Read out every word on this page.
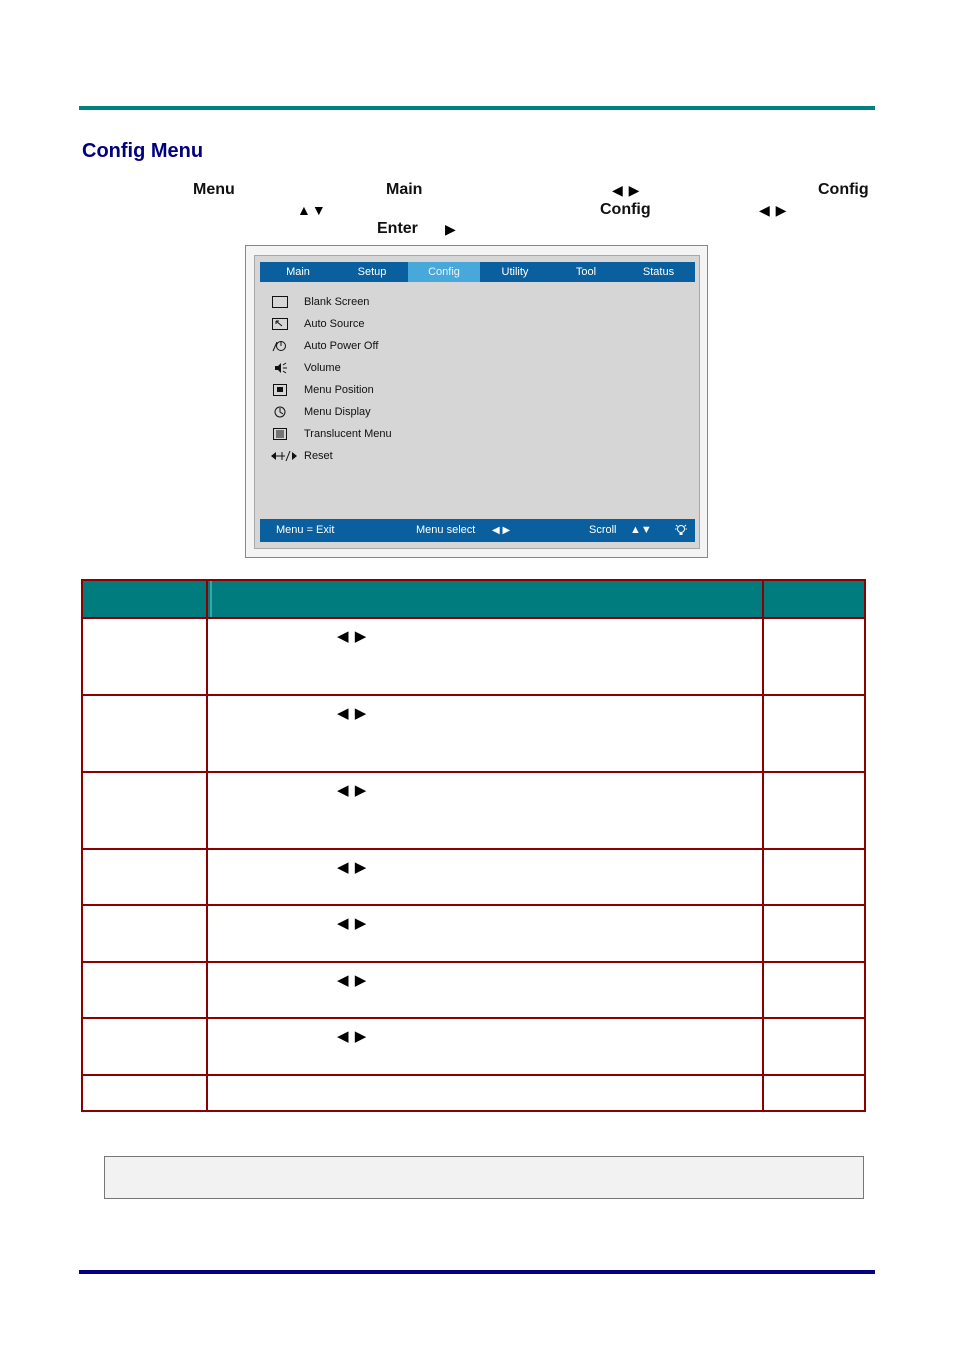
Config Menu
Menu	Main	◀ ▶	Config
▲▼	Config	◀ ▶
Enter ▶
Main	Setup	Config	Utility	Tool	Status
Blank Screen
Auto Source
Auto Power Off
Volume
Menu Position
Menu Display
Translucent Menu
Reset
Menu = Exit	Menu select ◀ ▶	Scroll ▲▼
◀ ▶
◀ ▶
◀ ▶
◀ ▶
◀ ▶
◀ ▶
◀ ▶
